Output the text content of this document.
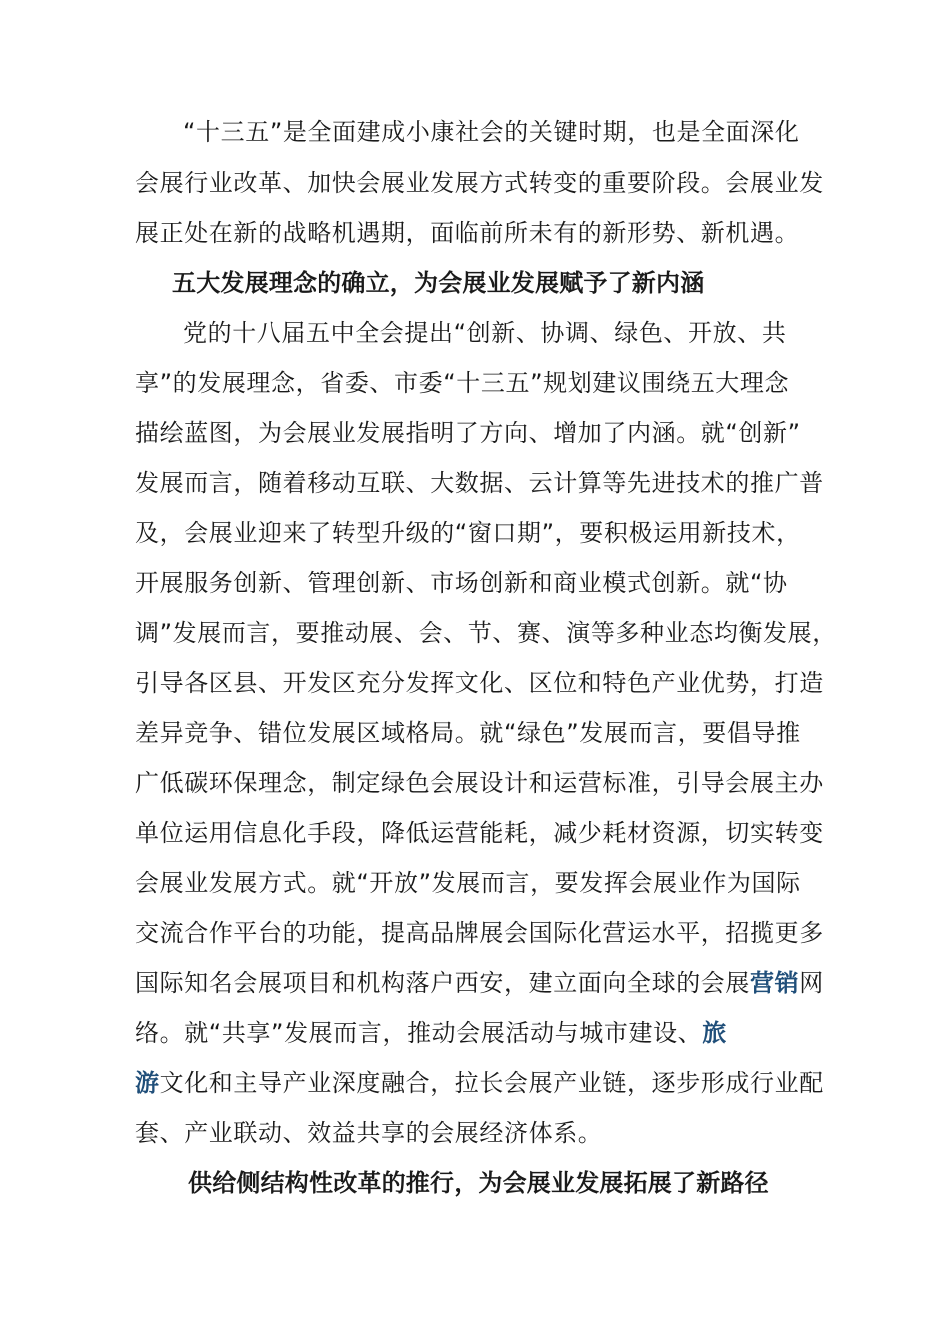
“十三五”是全面建成小康社会的关键时期，也是全面深化
会展行业改革、加快会展业发展方式转变的重要阶段。会展业发
展正处在新的战略机遇期，面临前所未有的新形势、新机遇。
五大发展理念的确立，为会展业发展赋予了新内涵
党的十八届五中全会提出“创新、协调、绿色、开放、共
享”的发展理念，省委、市委“十三五”规划建议围绕五大理念
描绘蓝图，为会展业发展指明了方向、增加了内涵。就“创新”
发展而言，随着移动互联、大数据、云计算等先进技术的推广普
及，会展业迎来了转型升级的“窗口期”，要积极运用新技术，
开展服务创新、管理创新、市场创新和商业模式创新。就“协
调”发展而言，要推动展、会、节、赛、演等多种业态均衡发展，
引导各区县、开发区充分发挥文化、区位和特色产业优势，打造
差异竞争、错位发展区域格局。就“绿色”发展而言，要倡导推
广低碳环保理念，制定绿色会展设计和运营标准，引导会展主办
单位运用信息化手段，降低运营能耗，减少耗材资源，切实转变
会展业发展方式。就“开放”发展而言，要发挥会展业作为国际
交流合作平台的功能，提高品牌展会国际化营运水平，招揽更多
国际知名会展项目和机构落户西安，建立面向全球的会展营销网
络。就“共享”发展而言，推动会展活动与城市建设、旅
游文化和主导产业深度融合，拉长会展产业链，逐步形成行业配
套、产业联动、效益共享的会展经济体系。
供给侧结构性改革的推行，为会展业发展拓展了新路径
